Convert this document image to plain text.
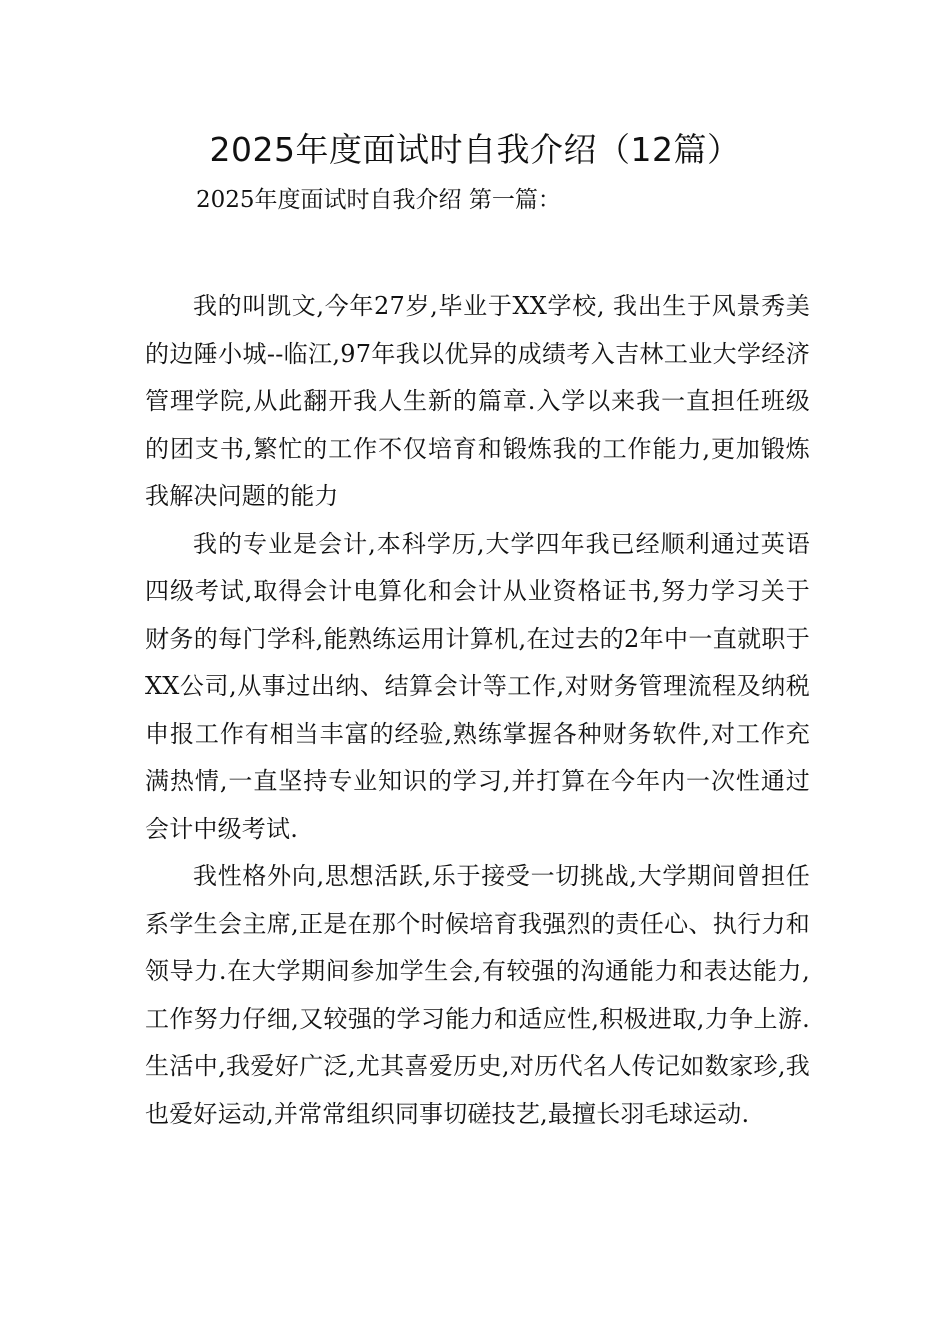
2025年度面试时自我介绍（12篇）

2025年度面试时自我介绍 第一篇：

我的叫凯文,今年27岁,毕业于XX学校, 我出生于风景秀美的边陲小城--临江,97年我以优异的成绩考入吉林工业大学经济管理学院,从此翻开我人生新的篇章.入学以来我一直担任班级的团支书,繁忙的工作不仅培育和锻炼我的工作能力,更加锻炼我解决问题的能力

我的专业是会计,本科学历,大学四年我已经顺利通过英语四级考试,取得会计电算化和会计从业资格证书,努力学习关于财务的每门学科,能熟练运用计算机,在过去的2年中一直就职于XX公司,从事过出纳、结算会计等工作,对财务管理流程及纳税申报工作有相当丰富的经验,熟练掌握各种财务软件,对工作充满热情,一直坚持专业知识的学习,并打算在今年内一次性通过会计中级考试.

我性格外向,思想活跃,乐于接受一切挑战,大学期间曾担任系学生会主席,正是在那个时候培育我强烈的责任心、执行力和领导力.在大学期间参加学生会,有较强的沟通能力和表达能力,工作努力仔细,又较强的学习能力和适应性,积极进取,力争上游.生活中,我爱好广泛,尤其喜爱历史,对历代名人传记如数家珍,我也爱好运动,并常常组织同事切磋技艺,最擅长羽毛球运动.
